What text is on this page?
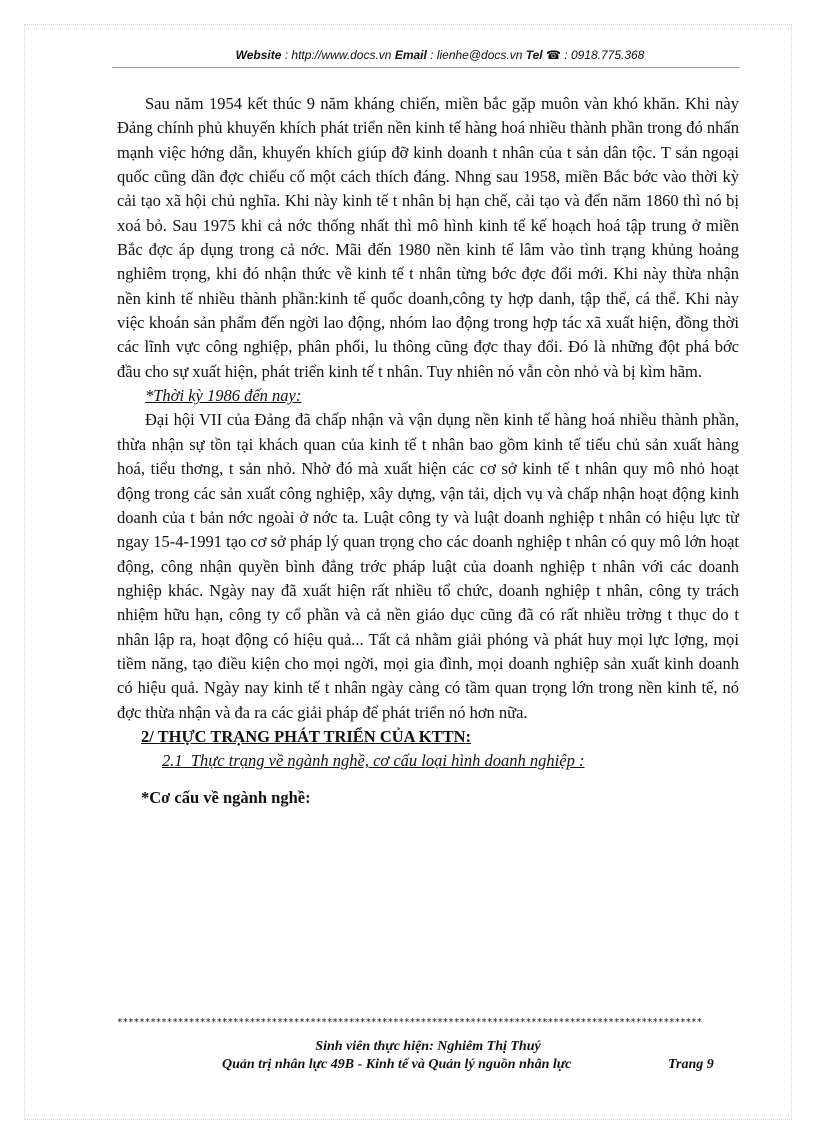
Website : http://www.docs.vn Email : lienhe@docs.vn Tel ☎ : 0918.775.368

Sau năm 1954 kết thúc 9 năm kháng chiến, miền bắc gặp muôn vàn khó khăn. Khi này Đảng chính phủ khuyến khích phát triển nền kinh tế hàng hoá nhiều thành phần trong đó nhấn mạnh việc hớng dẫn, khuyến khích giúp đỡ kinh doanh t nhân của t sản dân tộc. T sản ngoại quốc cũng dần đợc chiếu cố một cách thích đáng. Nhng sau 1958, miền Bắc bớc vào thời kỳ cải tạo xã hội chủ nghĩa. Khi này kinh tế t nhân bị hạn chế, cải tạo và đến năm 1860 thì nó bị xoá bỏ. Sau 1975 khi cả nớc thống nhất thì mô hình kinh tế kế hoạch hoá tập trung ở miền Bắc đợc áp dụng trong cả nớc. Mãi đến 1980 nền kinh tế lâm vào tình trạng khủng hoảng nghiêm trọng, khi đó nhận thức về kinh tế t nhân từng bớc đợc đổi mới. Khi này thừa nhận nền kinh tế nhiều thành phần:kinh tế quốc doanh,công ty hợp danh, tập thể, cá thể. Khi này việc khoán sản phẩm đến ngời lao động, nhóm lao động trong hợp tác xã xuất hiện, đồng thời các lĩnh vực công nghiệp, phân phối, lu thông cũng đợc thay đổi. Đó là những đột phá bớc đầu cho sự xuất hiện, phát triển kinh tế t nhân. Tuy nhiên nó vẫn còn nhỏ và bị kìm hãm.

*Thời kỳ 1986 đến nay:

Đại hội VII của Đảng đã chấp nhận và vận dụng nền kinh tế hàng hoá nhiều thành phần, thừa nhận sự tồn tại khách quan của kinh tế t nhân bao gồm kinh tế tiểu chủ sản xuất hàng hoá, tiểu thơng, t sản nhỏ. Nhờ đó mà xuất hiện các cơ sở kinh tế t nhân quy mô nhỏ hoạt động trong các sản xuất công nghiệp, xây dựng, vận tải, dịch vụ và chấp nhận hoạt động kinh doanh của t bản nớc ngoài ở nớc ta. Luật công ty và luật doanh nghiệp t nhân có hiệu lực từ ngay 15-4-1991 tạo cơ sở pháp lý quan trọng cho các doanh nghiệp t nhân có quy mô lớn hoạt động, công nhận quyền bình đẳng trớc pháp luật của doanh nghiệp t nhân với các doanh nghiệp khác. Ngày nay đã xuất hiện rất nhiều tổ chức, doanh nghiệp t nhân, công ty trách nhiệm hữu hạn, công ty cổ phần và cả nền giáo dục cũng đã có rất nhiều trờng t thục do t nhân lập ra, hoạt động có hiệu quả... Tất cả nhằm giải phóng và phát huy mọi lực lợng, mọi tiềm năng, tạo điều kiện cho mọi ngời, mọi gia đình, mọi doanh nghiệp sản xuất kinh doanh có hiệu quả. Ngày nay kinh tế t nhân ngày càng có tầm quan trọng lớn trong nền kinh tế, nó đợc thừa nhận và đa ra các giải pháp để phát triển nó hơn nữa.

2/ THỰC TRẠNG PHÁT TRIỂN CỦA KTTN:
2.1_Thực trạng về ngành nghề, cơ cấu loại hình doanh nghiệp :
*Cơ cấu về ngành nghề:
**********************************************************************************************************
Sinh viên thực hiện: Nghiêm Thị Thuý
Quản trị nhân lực 49B - Kinh tế và Quản lý nguồn nhân lực	Trang 9
